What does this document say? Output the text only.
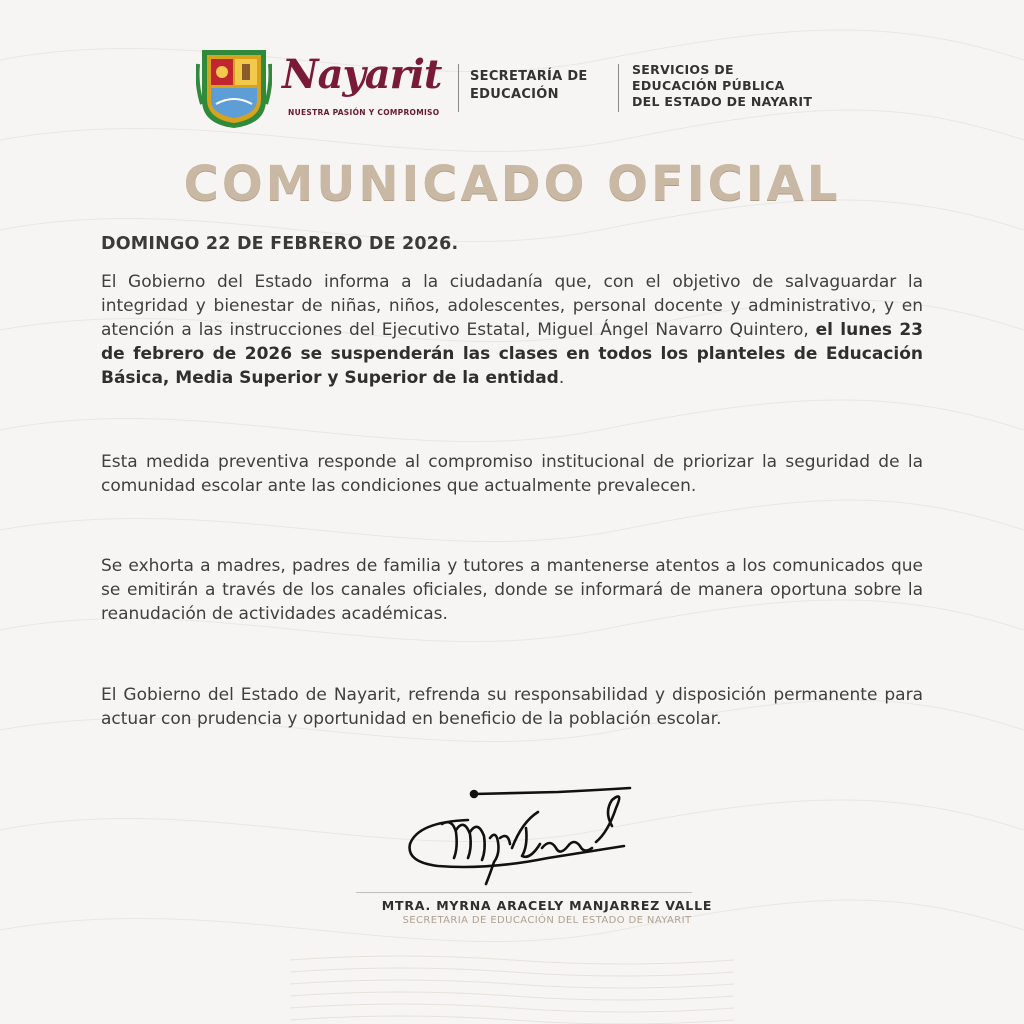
Nayarit
NUESTRA PASIÓN Y COMPROMISO
SECRETARÍA DE
EDUCACIÓN
SERVICIOS DE
EDUCACIÓN PÚBLICA
DEL ESTADO DE NAYARIT
COMUNICADO OFICIAL
DOMINGO 22 DE FEBRERO DE 2026.

El Gobierno del Estado informa a la ciudadanía que, con el objetivo de salvaguardar la integridad y bienestar de niñas, niños, adolescentes, personal docente y administrativo, y en atención a las instrucciones del Ejecutivo Estatal, Miguel Ángel Navarro Quintero, el lunes 23 de febrero de 2026 se suspenderán las clases en todos los planteles de Educación Básica, Media Superior y Superior de la entidad.

Esta medida preventiva responde al compromiso institucional de priorizar la seguridad de la comunidad escolar ante las condiciones que actualmente prevalecen.

Se exhorta a madres, padres de familia y tutores a mantenerse atentos a los comunicados que se emitirán a través de los canales oficiales, donde se informará de manera oportuna sobre la reanudación de actividades académicas.

El Gobierno del Estado de Nayarit, refrenda su responsabilidad y disposición permanente para actuar con prudencia y oportunidad en beneficio de la población escolar.

MTRA. MYRNA ARACELY MANJARREZ VALLE
SECRETARIA DE EDUCACIÓN DEL ESTADO DE NAYARIT
